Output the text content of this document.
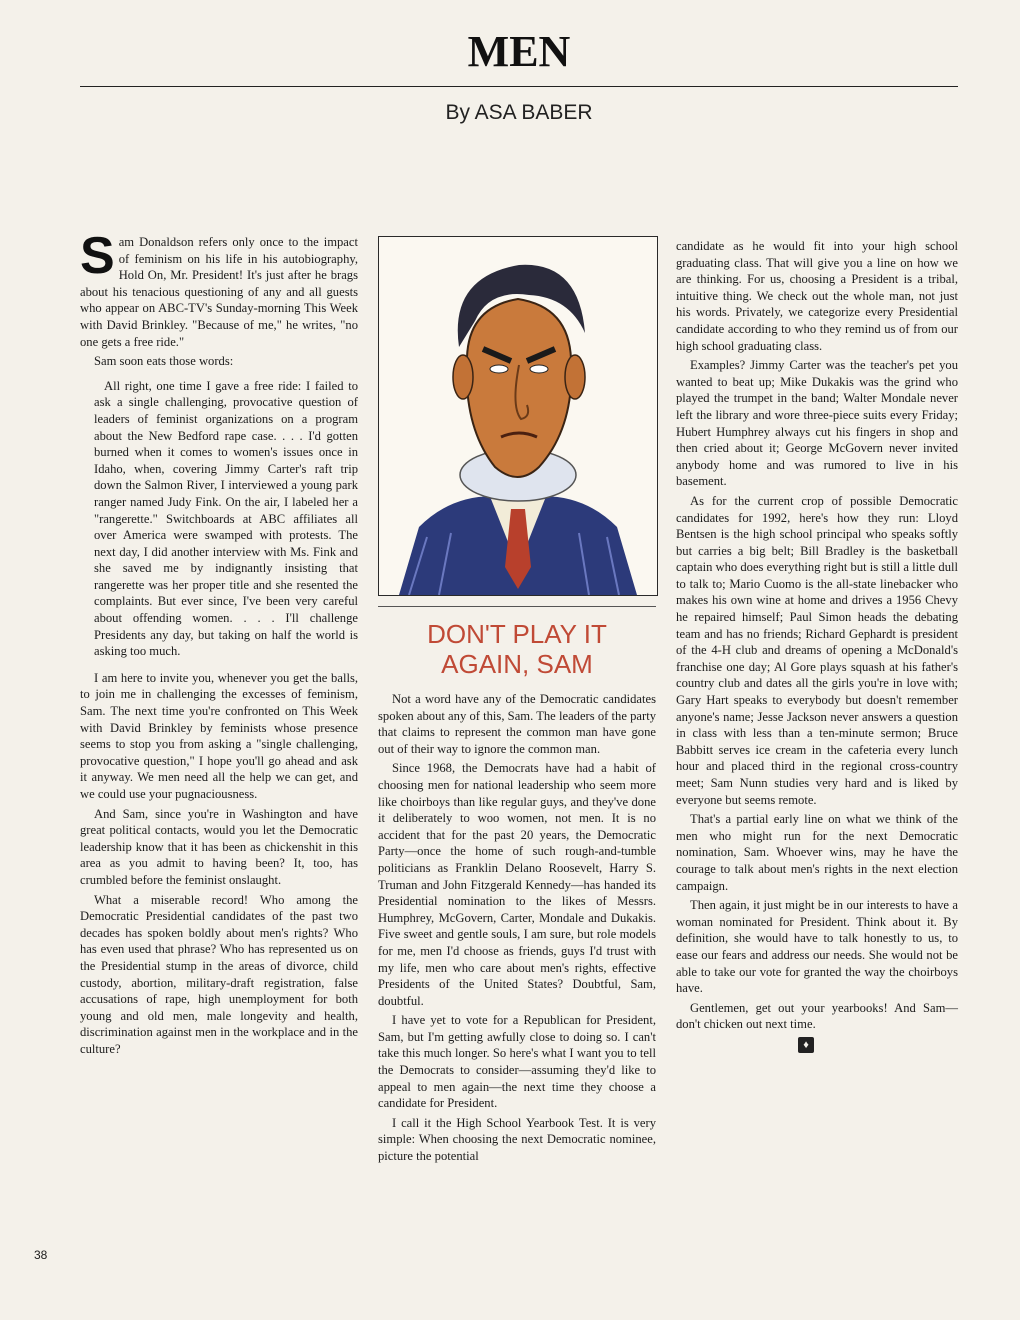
MEN
By ASA BABER

Sam Donaldson refers only once to the impact of feminism on his life in his autobiography, Hold On, Mr. President! It's just after he brags about his tenacious questioning of any and all guests who appear on ABC-TV's Sunday-morning This Week with David Brinkley. "Because of me," he writes, "no one gets a free ride."

Sam soon eats those words:

All right, one time I gave a free ride: I failed to ask a single challenging, provocative question of leaders of feminist organizations on a program about the New Bedford rape case. . . . I'd gotten burned when it comes to women's issues once in Idaho, when, covering Jimmy Carter's raft trip down the Salmon River, I interviewed a young park ranger named Judy Fink. On the air, I labeled her a "rangerette." Switchboards at ABC affiliates all over America were swamped with protests. The next day, I did another interview with Ms. Fink and she saved me by indignantly insisting that rangerette was her proper title and she resented the complaints. But ever since, I've been very careful about offending women. . . . I'll challenge Presidents any day, but taking on half the world is asking too much.

I am here to invite you, whenever you get the balls, to join me in challenging the excesses of feminism, Sam. The next time you're confronted on This Week with David Brinkley by feminists whose presence seems to stop you from asking a "single challenging, provocative question," I hope you'll go ahead and ask it anyway. We men need all the help we can get, and we could use your pugnaciousness.

And Sam, since you're in Washington and have great political contacts, would you let the Democratic leadership know that it has been as chickenshit in this area as you admit to having been? It, too, has crumbled before the feminist onslaught.

What a miserable record! Who among the Democratic Presidential candidates of the past two decades has spoken boldly about men's rights? Who has even used that phrase? Who has represented us on the Presidential stump in the areas of divorce, child custody, abortion, military-draft registration, false accusations of rape, high unemployment for both young and old men, male longevity and health, discrimination against men in the workplace and in the culture?

DON'T PLAY IT
AGAIN, SAM

Not a word have any of the Democratic candidates spoken about any of this, Sam. The leaders of the party that claims to represent the common man have gone out of their way to ignore the common man.

Since 1968, the Democrats have had a habit of choosing men for national leadership who seem more like choirboys than like regular guys, and they've done it deliberately to woo women, not men. It is no accident that for the past 20 years, the Democratic Party—once the home of such rough-and-tumble politicians as Franklin Delano Roosevelt, Harry S. Truman and John Fitzgerald Kennedy—has handed its Presidential nomination to the likes of Messrs. Humphrey, McGovern, Carter, Mondale and Dukakis. Five sweet and gentle souls, I am sure, but role models for me, men I'd choose as friends, guys I'd trust with my life, men who care about men's rights, effective Presidents of the United States? Doubtful, Sam, doubtful.

I have yet to vote for a Republican for President, Sam, but I'm getting awfully close to doing so. I can't take this much longer. So here's what I want you to tell the Democrats to consider—assuming they'd like to appeal to men again—the next time they choose a candidate for President.

I call it the High School Yearbook Test. It is very simple: When choosing the next Democratic nominee, picture the potential

candidate as he would fit into your high school graduating class. That will give you a line on how we are thinking. For us, choosing a President is a tribal, intuitive thing. We check out the whole man, not just his words. Privately, we categorize every Presidential candidate according to who they remind us of from our high school graduating class.

Examples? Jimmy Carter was the teacher's pet you wanted to beat up; Mike Dukakis was the grind who played the trumpet in the band; Walter Mondale never left the library and wore three-piece suits every Friday; Hubert Humphrey always cut his fingers in shop and then cried about it; George McGovern never invited anybody home and was rumored to live in his basement.

As for the current crop of possible Democratic candidates for 1992, here's how they run: Lloyd Bentsen is the high school principal who speaks softly but carries a big belt; Bill Bradley is the basketball captain who does everything right but is still a little dull to talk to; Mario Cuomo is the all-state linebacker who makes his own wine at home and drives a 1956 Chevy he repaired himself; Paul Simon heads the debating team and has no friends; Richard Gephardt is president of the 4-H club and dreams of opening a McDonald's franchise one day; Al Gore plays squash at his father's country club and dates all the girls you're in love with; Gary Hart speaks to everybody but doesn't remember anyone's name; Jesse Jackson never answers a question in class with less than a ten-minute sermon; Bruce Babbitt serves ice cream in the cafeteria every lunch hour and placed third in the regional cross-country meet; Sam Nunn studies very hard and is liked by everyone but seems remote.

That's a partial early line on what we think of the men who might run for the next Democratic nomination, Sam. Whoever wins, may he have the courage to talk about men's rights in the next election campaign.

Then again, it just might be in our interests to have a woman nominated for President. Think about it. By definition, she would have to talk honestly to us, to ease our fears and address our needs. She would not be able to take our vote for granted the way the choirboys have.

Gentlemen, get out your yearbooks! And Sam—don't chicken out next time.

♦
38
